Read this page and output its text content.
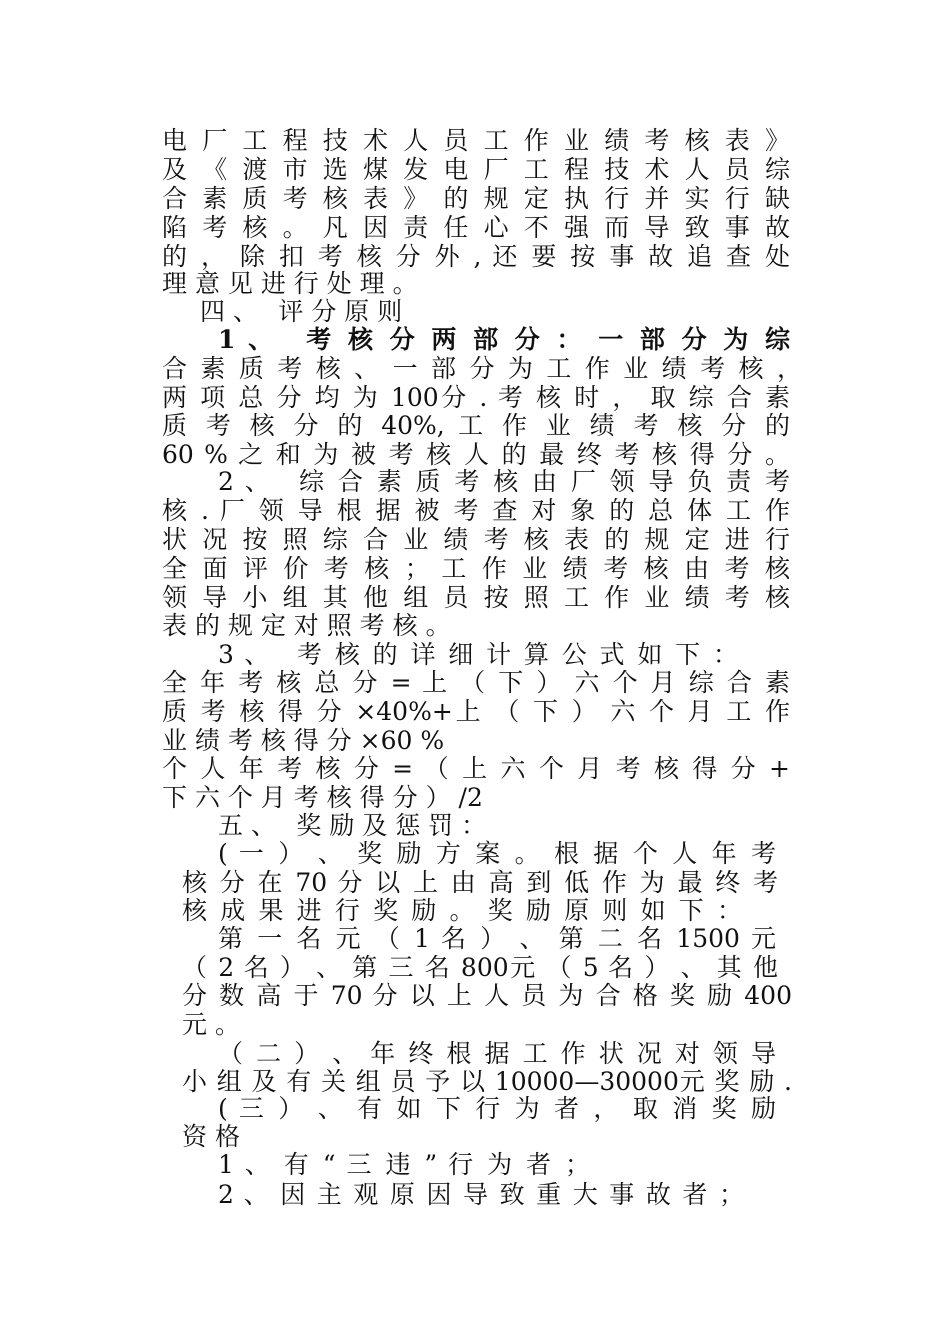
电 厂 工 程 技 术 人 员 工 作 业 绩 考 核 表 》
及 《 渡 市 选 煤 发 电 厂 工 程 技 术 人 员 综
合 素 质 考 核 表 》 的 规 定 执 行 并 实 行 缺
陷 考 核 。 凡 因 责 任 心 不 强 而 导 致 事 故
的 ， 除 扣 考 核 分 外 , 还 要 按 事 故 追 查 处
理 意 见 进 行 处 理 。
四 、　 评 分 原 则
1 、　 考 核 分 两 部 分 ： 一 部 分 为 综
合 素 质 考 核 、 一 部 分 为 工 作 业 绩 考 核 ，
两 项 总 分 均 为 100分 . 考 核 时 ， 取 综 合 素
质 考 核 分 的 40%, 工 作 业 绩 考 核 分 的
60 % 之 和 为 被 考 核 人 的 最 终 考 核 得 分 。
2 、　 综 合 素 质 考 核 由 厂 领 导 负 责 考
核 . 厂 领 导 根 据 被 考 查 对 象 的 总 体 工 作
状 况 按 照 综 合 业 绩 考 核 表 的 规 定 进 行
全 面 评 价 考 核 ； 工 作 业 绩 考 核 由 考 核
领 导 小 组 其 他 组 员 按 照 工 作 业 绩 考 核
表 的 规 定 对 照 考 核 。
3 、　 考 核 的 详 细 计 算 公 式 如 下 ：
全 年 考 核 总 分 = 上 （ 下 ） 六 个 月 综 合 素
质 考 核 得 分 ×40%+上 （ 下 ） 六 个 月 工 作
业 绩 考 核 得 分 ×60 %
个 人 年 考 核 分 = （ 上 六 个 月 考 核 得 分 +
下 六 个 月 考 核 得 分 ） /2
五 、　 奖 励 及 惩 罚 ：
( 一 ） 、 奖 励 方 案 。 根 据 个 人 年 考
核 分 在 70 分 以 上 由 高 到 低 作 为 最 终 考
核 成 果 进 行 奖 励 。 奖 励 原 则 如 下 ：
第 一 名 元 （ 1 名 ） 、 第 二 名 1500 元
（ 2 名 ） 、 第 三 名 800元 （ 5 名 ） 、 其 他
分 数 高 于 70 分 以 上 人 员 为 合 格 奖 励 400
元 。
（ 二 ） 、 年 终 根 据 工 作 状 况 对 领 导
小 组 及 有 关 组 员 予 以 10000—30000元 奖 励 .
( 三 ） 、 有 如 下 行 为 者 ， 取 消 奖 励
资 格
1 、 有 “ 三 违 ” 行 为 者 ；
2 、 因 主 观 原 因 导 致 重 大 事 故 者 ；
